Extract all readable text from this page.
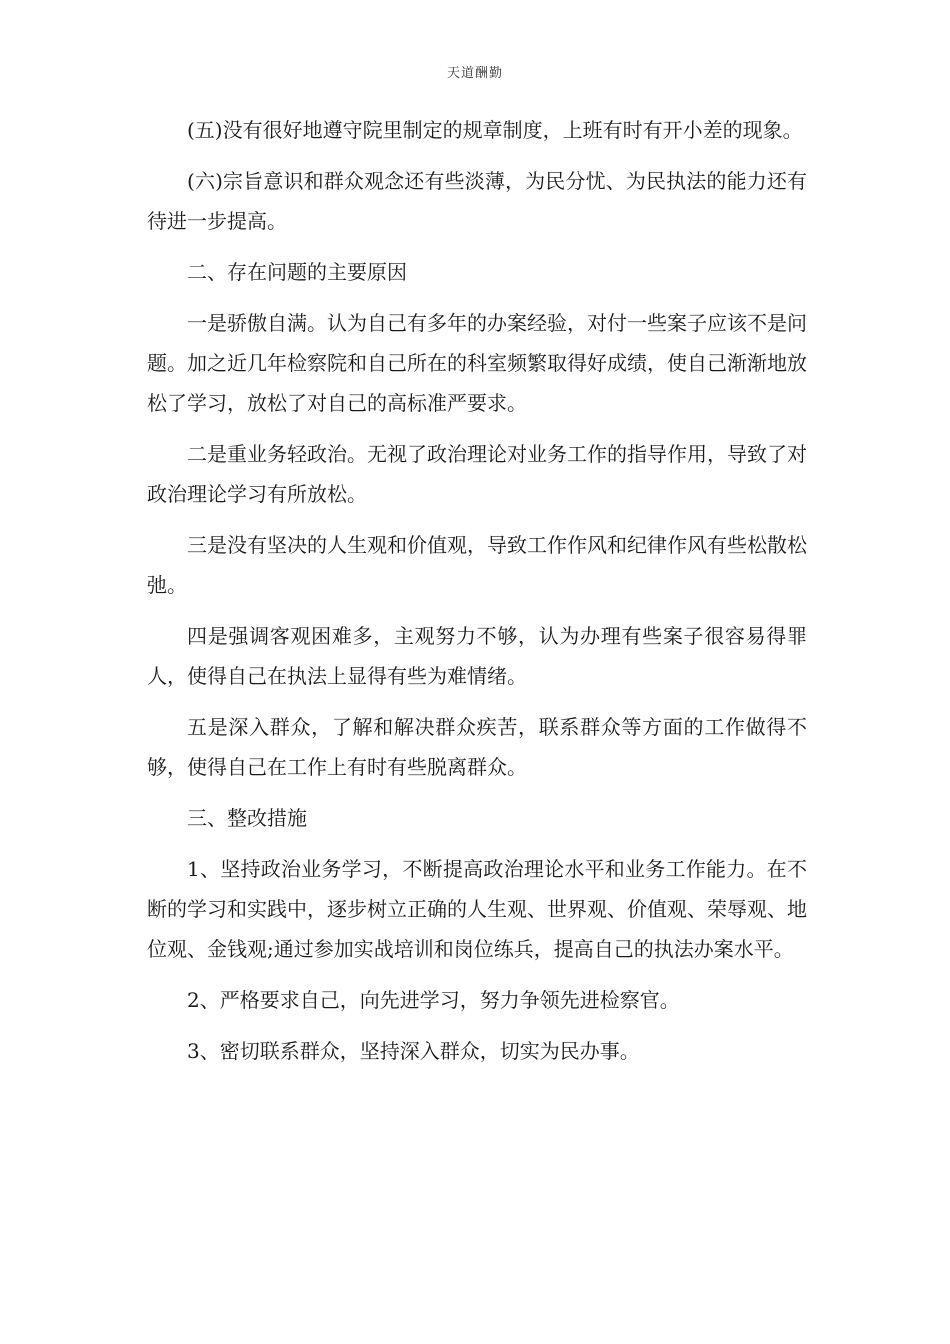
天道酬勤

(五)没有很好地遵守院里制定的规章制度，上班有时有开小差的现象。

(六)宗旨意识和群众观念还有些淡薄，为民分忧、为民执法的能力还有待进一步提高。

二、存在问题的主要原因

一是骄傲自满。认为自己有多年的办案经验，对付一些案子应该不是问题。加之近几年检察院和自己所在的科室频繁取得好成绩，使自己渐渐地放松了学习，放松了对自己的高标准严要求。

二是重业务轻政治。无视了政治理论对业务工作的指导作用，导致了对政治理论学习有所放松。

三是没有坚决的人生观和价值观，导致工作作风和纪律作风有些松散松弛。

四是强调客观困难多，主观努力不够，认为办理有些案子很容易得罪人，使得自己在执法上显得有些为难情绪。

五是深入群众，了解和解决群众疾苦，联系群众等方面的工作做得不够，使得自己在工作上有时有些脱离群众。

三、整改措施

1、坚持政治业务学习，不断提高政治理论水平和业务工作能力。在不断的学习和实践中，逐步树立正确的人生观、世界观、价值观、荣辱观、地位观、金钱观;通过参加实战培训和岗位练兵，提高自己的执法办案水平。

2、严格要求自己，向先进学习，努力争领先进检察官。

3、密切联系群众，坚持深入群众，切实为民办事。
